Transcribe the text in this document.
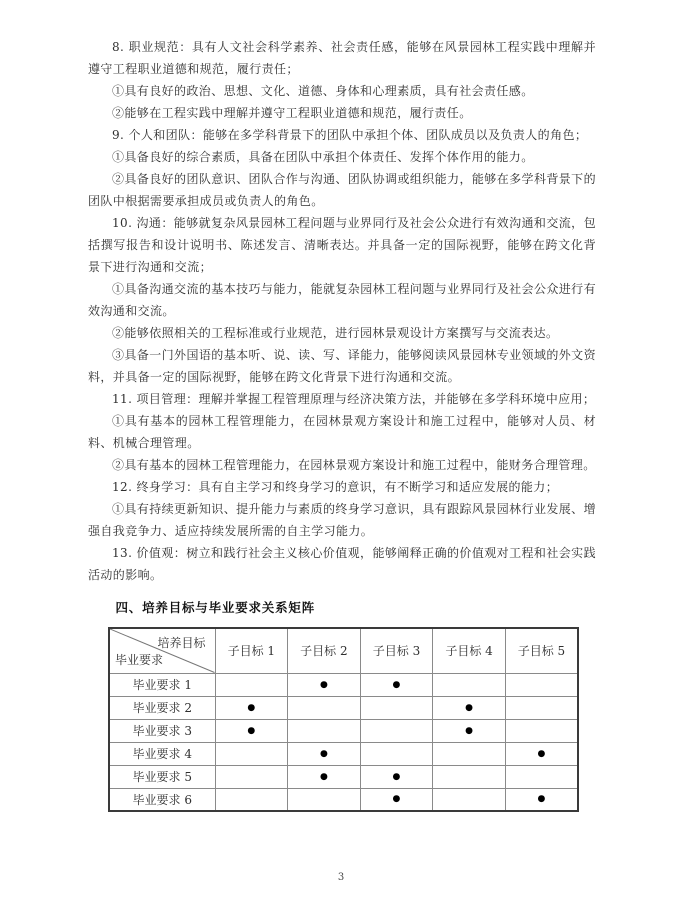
8. 职业规范：具有人文社会科学素养、社会责任感，能够在风景园林工程实践中理解并遵守工程职业道德和规范，履行责任；

①具有良好的政治、思想、文化、道德、身体和心理素质，具有社会责任感。

②能够在工程实践中理解并遵守工程职业道德和规范，履行责任。

9. 个人和团队：能够在多学科背景下的团队中承担个体、团队成员以及负责人的角色；

①具备良好的综合素质，具备在团队中承担个体责任、发挥个体作用的能力。

②具备良好的团队意识、团队合作与沟通、团队协调或组织能力，能够在多学科背景下的团队中根据需要承担成员或负责人的角色。

10. 沟通：能够就复杂风景园林工程问题与业界同行及社会公众进行有效沟通和交流，包括撰写报告和设计说明书、陈述发言、清晰表达。并具备一定的国际视野，能够在跨文化背景下进行沟通和交流；

①具备沟通交流的基本技巧与能力，能就复杂园林工程问题与业界同行及社会公众进行有效沟通和交流。

②能够依照相关的工程标准或行业规范，进行园林景观设计方案撰写与交流表达。

③具备一门外国语的基本听、说、读、写、译能力，能够阅读风景园林专业领域的外文资料，并具备一定的国际视野，能够在跨文化背景下进行沟通和交流。

11. 项目管理：理解并掌握工程管理原理与经济决策方法，并能够在多学科环境中应用；

①具有基本的园林工程管理能力，在园林景观方案设计和施工过程中，能够对人员、材料、机械合理管理。

②具有基本的园林工程管理能力，在园林景观方案设计和施工过程中，能财务合理管理。

12. 终身学习：具有自主学习和终身学习的意识，有不断学习和适应发展的能力；

①具有持续更新知识、提升能力与素质的终身学习意识，具有跟踪风景园林行业发展、增强自我竞争力、适应持续发展所需的自主学习能力。

13. 价值观：树立和践行社会主义核心价值观，能够阐释正确的价值观对工程和社会实践活动的影响。

四、培养目标与毕业要求关系矩阵
培养目标
毕业要求	子目标 1	子目标 2	子目标 3	子目标 4	子目标 5
毕业要求 1		●	●		
毕业要求 2	●			●	
毕业要求 3	●			●	
毕业要求 4		●			●
毕业要求 5		●	●		
毕业要求 6			●		●
3
